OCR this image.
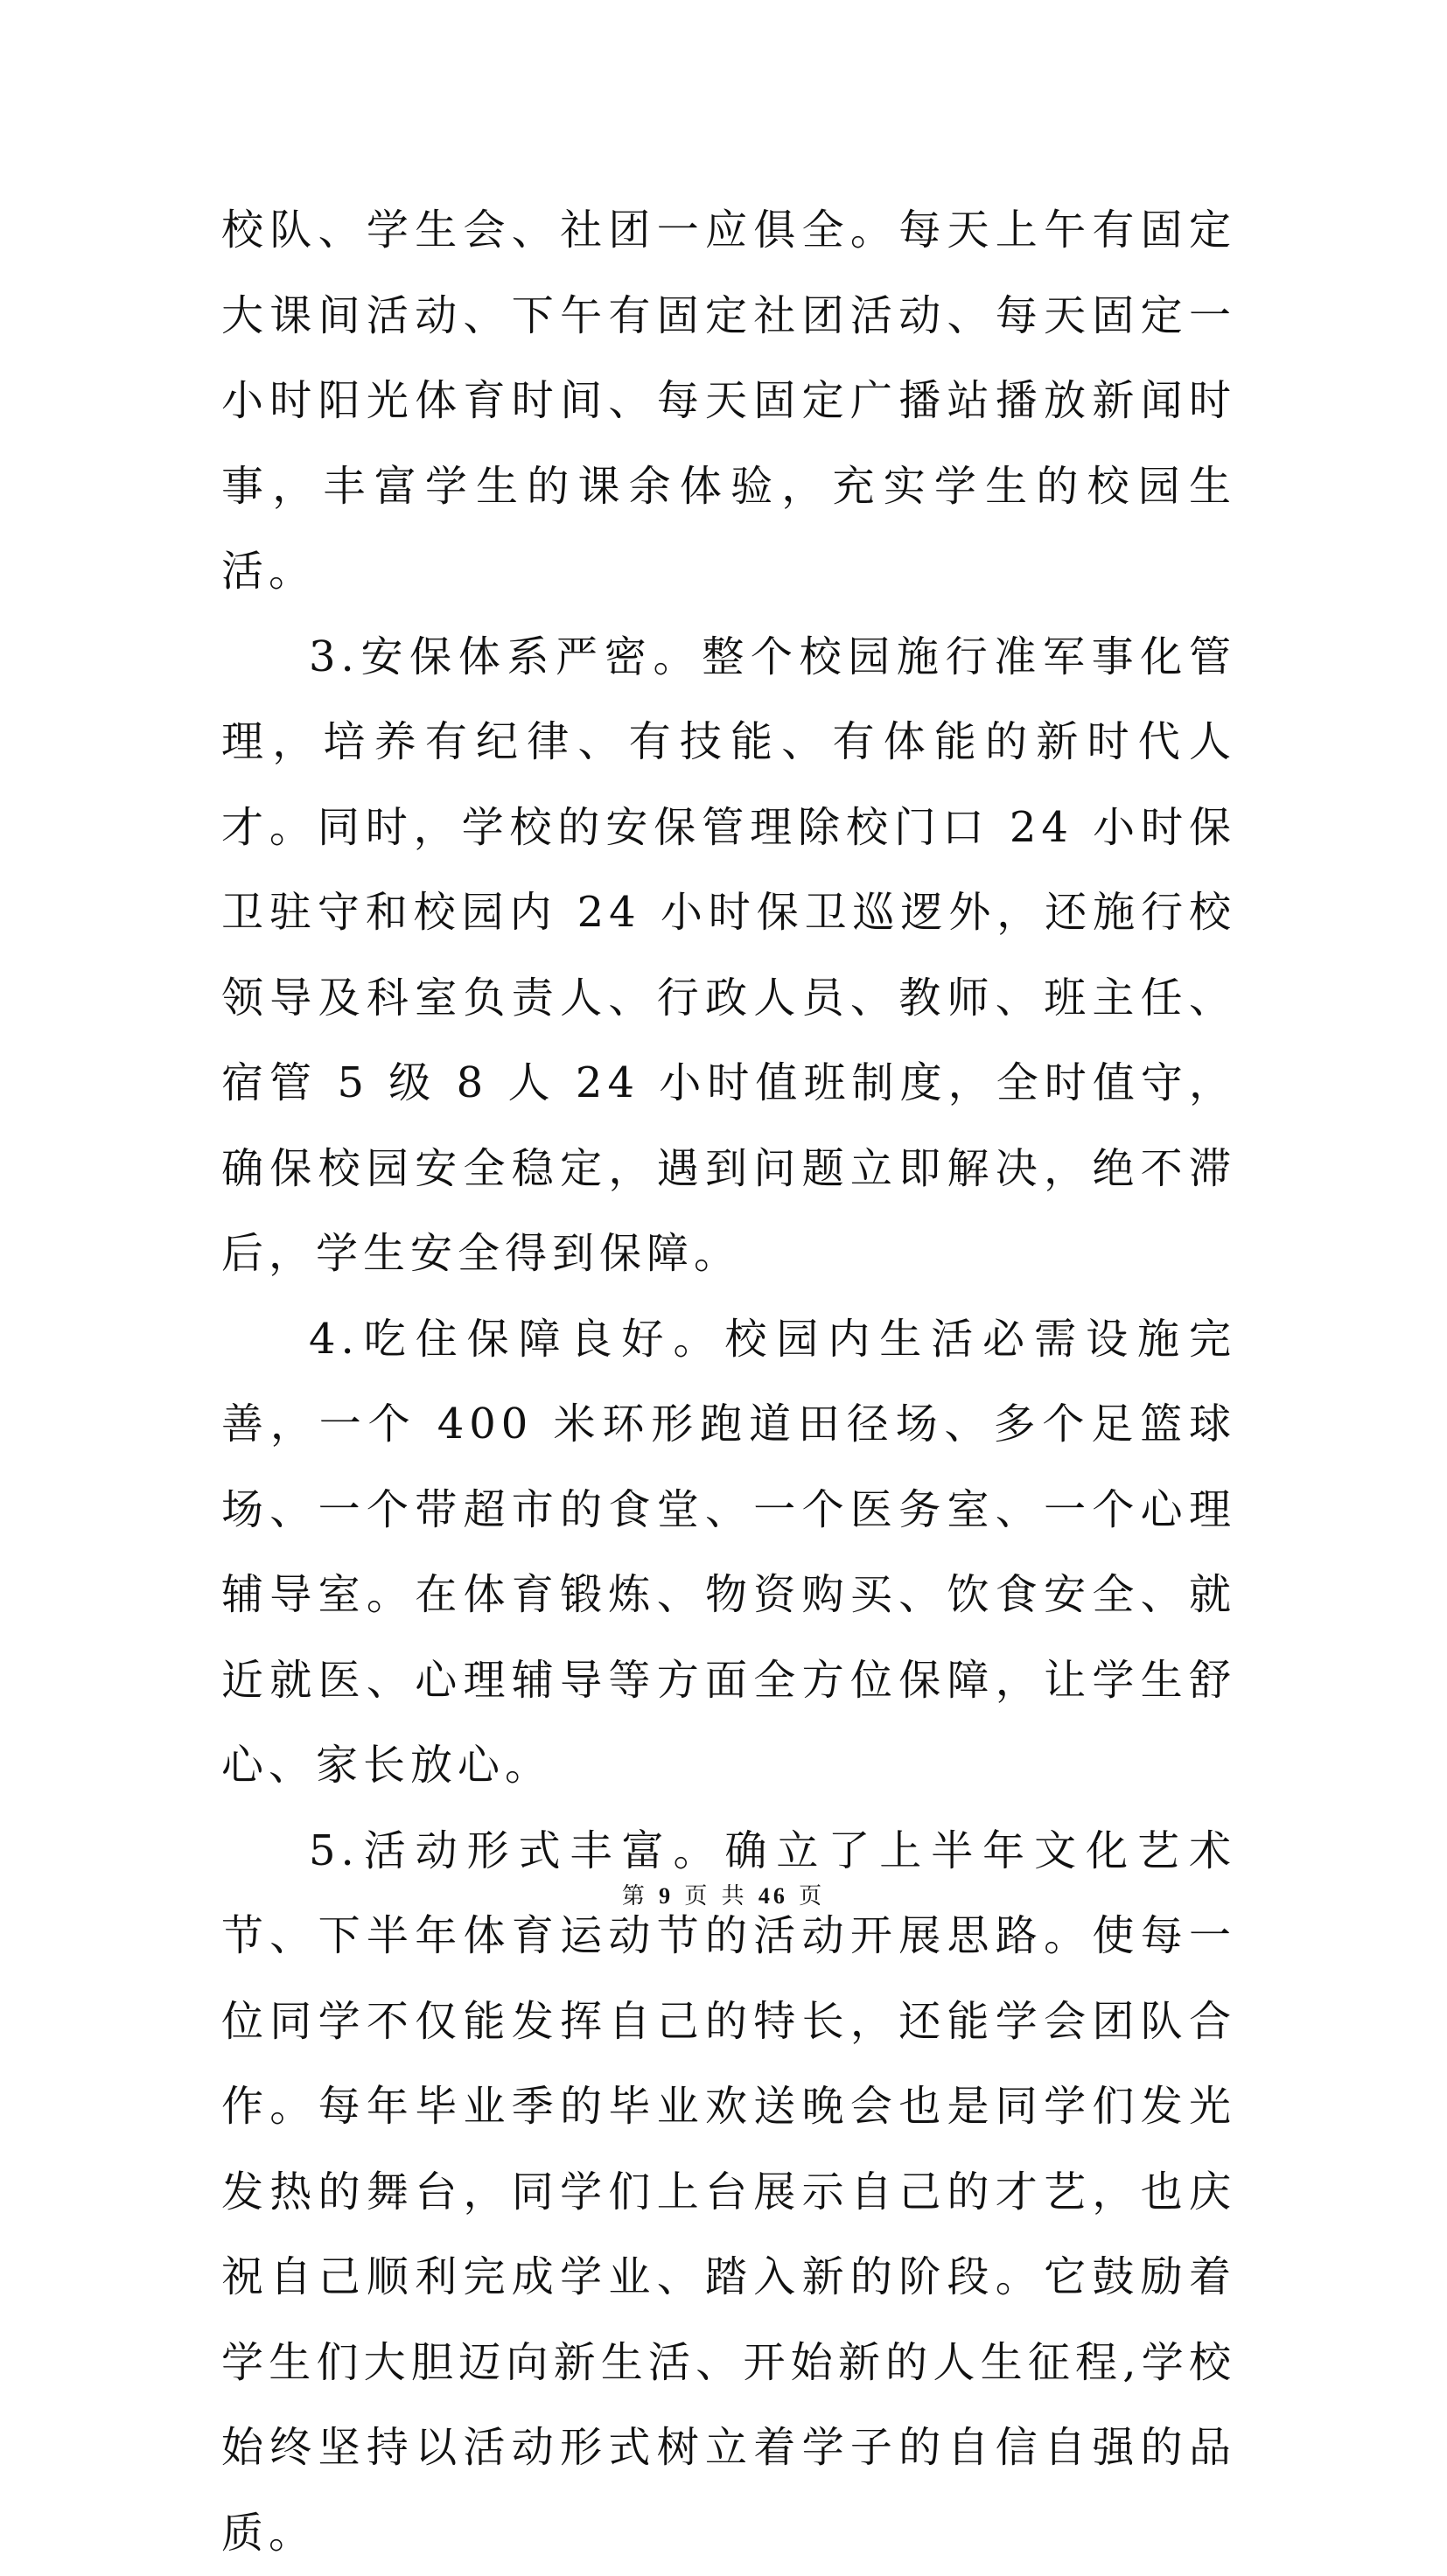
校队、学生会、社团一应俱全。每天上午有固定大课间活动、下午有固定社团活动、每天固定一小时阳光体育时间、每天固定广播站播放新闻时事，丰富学生的课余体验，充实学生的校园生活。

3.安保体系严密。整个校园施行准军事化管理，培养有纪律、有技能、有体能的新时代人才。同时，学校的安保管理除校门口 24 小时保卫驻守和校园内 24 小时保卫巡逻外，还施行校领导及科室负责人、行政人员、教师、班主任、宿管 5 级 8 人 24 小时值班制度，全时值守，确保校园安全稳定，遇到问题立即解决，绝不滞后，学生安全得到保障。

4.吃住保障良好。校园内生活必需设施完善，一个 400 米环形跑道田径场、多个足篮球场、一个带超市的食堂、一个医务室、一个心理辅导室。在体育锻炼、物资购买、饮食安全、就近就医、心理辅导等方面全方位保障，让学生舒心、家长放心。

5.活动形式丰富。确立了上半年文化艺术节、下半年体育运动节的活动开展思路。使每一位同学不仅能发挥自己的特长，还能学会团队合作。每年毕业季的毕业欢送晚会也是同学们发光发热的舞台，同学们上台展示自己的才艺，也庆祝自己顺利完成学业、踏入新的阶段。它鼓励着学生们大胆迈向新生活、开始新的人生征程,学校始终坚持以活动形式树立着学子的自信自强的品质。

第 9 页 共 46 页
